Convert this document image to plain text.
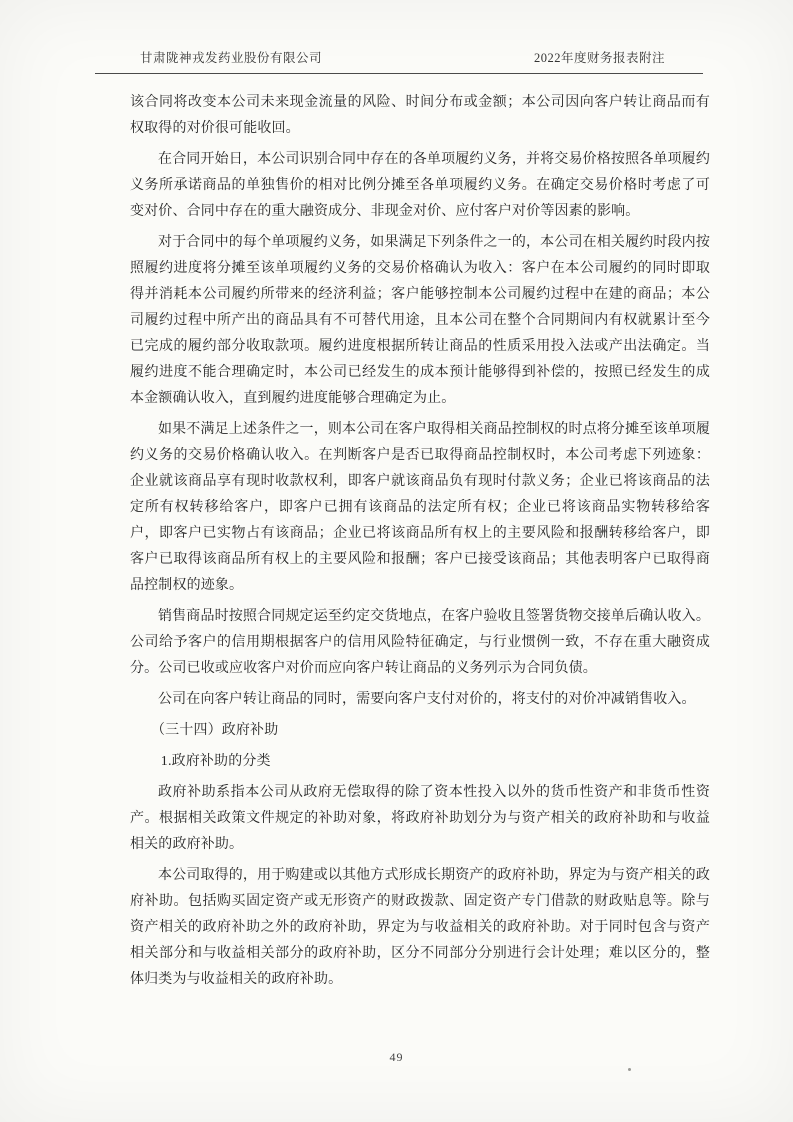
甘肃陇神戎发药业股份有限公司	2022年度财务报表附注

该合同将改变本公司未来现金流量的风险、时间分布或金额；本公司因向客户转让商品而有权取得的对价很可能收回。

在合同开始日，本公司识别合同中存在的各单项履约义务，并将交易价格按照各单项履约义务所承诺商品的单独售价的相对比例分摊至各单项履约义务。在确定交易价格时考虑了可变对价、合同中存在的重大融资成分、非现金对价、应付客户对价等因素的影响。

对于合同中的每个单项履约义务，如果满足下列条件之一的，本公司在相关履约时段内按照履约进度将分摊至该单项履约义务的交易价格确认为收入：客户在本公司履约的同时即取得并消耗本公司履约所带来的经济利益；客户能够控制本公司履约过程中在建的商品；本公司履约过程中所产出的商品具有不可替代用途，且本公司在整个合同期间内有权就累计至今已完成的履约部分收取款项。履约进度根据所转让商品的性质采用投入法或产出法确定。当履约进度不能合理确定时，本公司已经发生的成本预计能够得到补偿的，按照已经发生的成本金额确认收入，直到履约进度能够合理确定为止。

如果不满足上述条件之一，则本公司在客户取得相关商品控制权的时点将分摊至该单项履约义务的交易价格确认收入。在判断客户是否已取得商品控制权时，本公司考虑下列迹象：企业就该商品享有现时收款权利，即客户就该商品负有现时付款义务；企业已将该商品的法定所有权转移给客户，即客户已拥有该商品的法定所有权；企业已将该商品实物转移给客户，即客户已实物占有该商品；企业已将该商品所有权上的主要风险和报酬转移给客户，即客户已取得该商品所有权上的主要风险和报酬；客户已接受该商品；其他表明客户已取得商品控制权的迹象。

销售商品时按照合同规定运至约定交货地点，在客户验收且签署货物交接单后确认收入。公司给予客户的信用期根据客户的信用风险特征确定，与行业惯例一致，不存在重大融资成分。公司已收或应收客户对价而应向客户转让商品的义务列示为合同负债。

公司在向客户转让商品的同时，需要向客户支付对价的，将支付的对价冲减销售收入。

（三十四）政府补助
1.政府补助的分类

政府补助系指本公司从政府无偿取得的除了资本性投入以外的货币性资产和非货币性资产。根据相关政策文件规定的补助对象，将政府补助划分为与资产相关的政府补助和与收益相关的政府补助。

本公司取得的，用于购建或以其他方式形成长期资产的政府补助，界定为与资产相关的政府补助。包括购买固定资产或无形资产的财政拨款、固定资产专门借款的财政贴息等。除与资产相关的政府补助之外的政府补助，界定为与收益相关的政府补助。对于同时包含与资产相关部分和与收益相关部分的政府补助，区分不同部分分别进行会计处理；难以区分的，整体归类为与收益相关的政府补助。

49
